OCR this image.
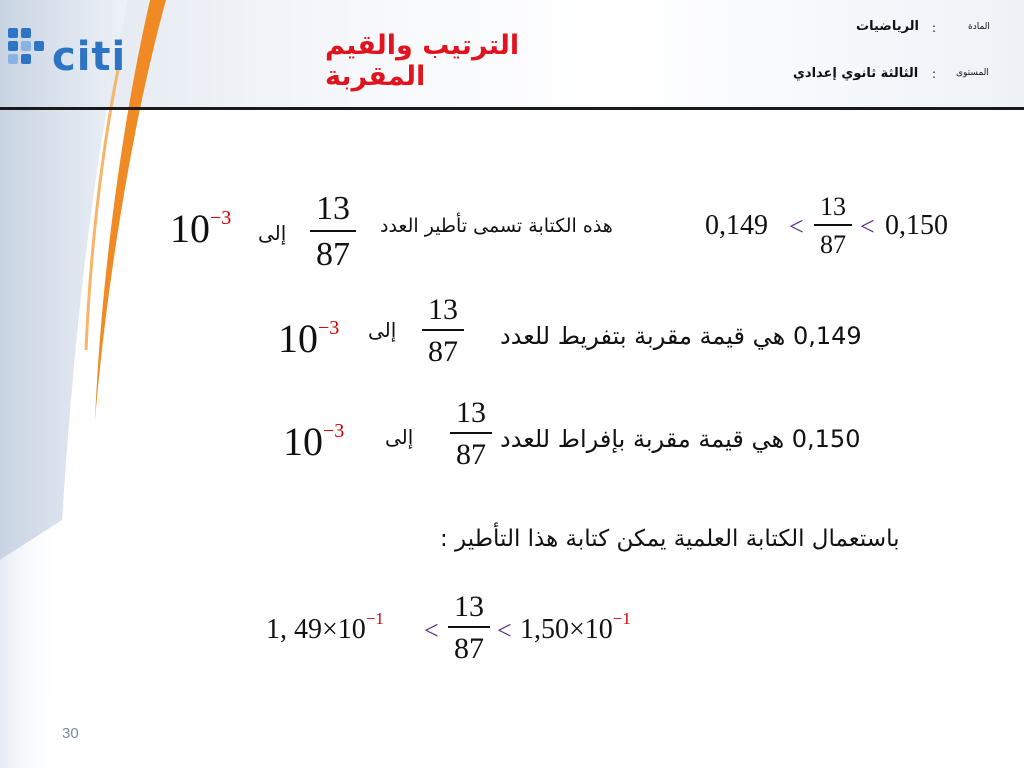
citi	الترتيب والقيم المقربة
المادة
:
الرياضيات
المستوى
:
الثالثة ثانوي إعدادي
0,150
<
13
87
<
0,149
هذه الكتابة تسمى تأطير العدد
13
87
إلى
$10^{-3}$
0,149 هي قيمة مقربة بتفريط للعدد
13
87
إلى
$10^{-3}$
0,150 هي قيمة مقربة بإفراط للعدد
13
87
إلى
$10^{-3}$
باستعمال الكتابة العلمية يمكن كتابة هذا التأطير :
1, $49\times 10^{-1}$ <
13
87
< $1,50\times 10^{-1}$
30
